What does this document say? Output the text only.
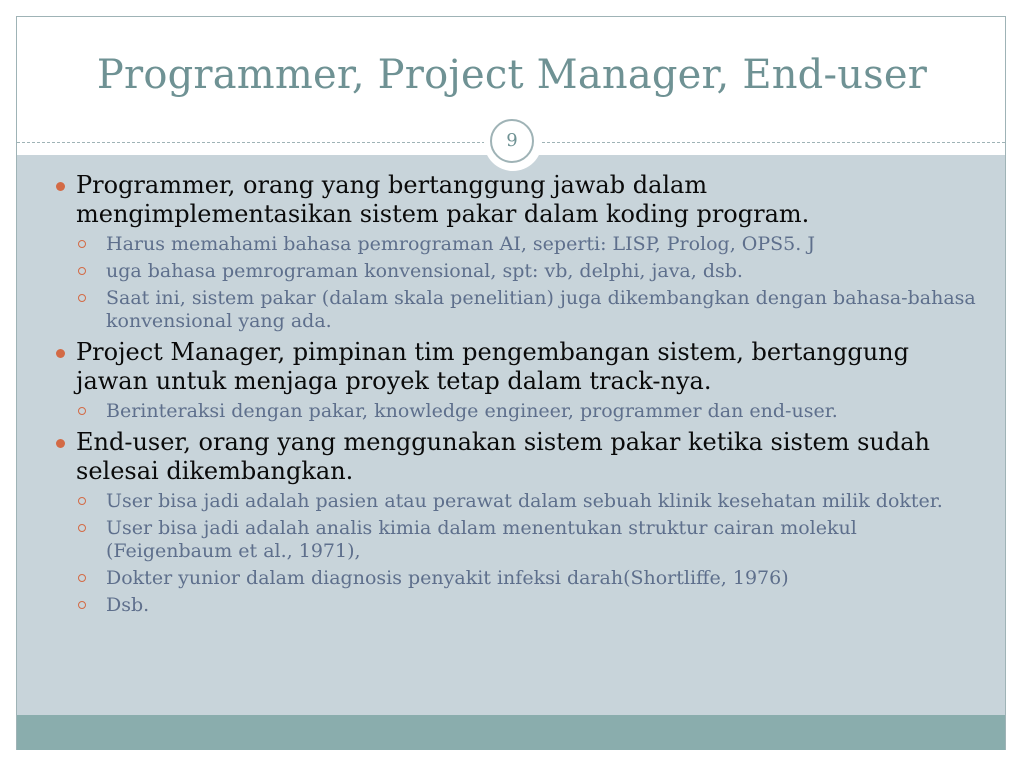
Programmer, Project Manager, End-user
9
Programmer, orang yang bertanggung jawab dalam mengimplementasikan sistem pakar dalam koding program.
Harus memahami bahasa pemrograman AI, seperti: LISP, Prolog, OPS5. J
uga bahasa pemrograman konvensional, spt: vb, delphi, java, dsb.
Saat ini, sistem pakar (dalam skala penelitian) juga dikembangkan dengan bahasa-bahasa konvensional yang ada.
Project Manager, pimpinan tim pengembangan sistem, bertanggung jawan untuk menjaga proyek tetap dalam track-nya.
Berinteraksi dengan pakar, knowledge engineer, programmer dan end-user.
End-user, orang yang menggunakan sistem pakar ketika sistem sudah selesai dikembangkan.
User bisa jadi adalah pasien atau perawat dalam sebuah klinik kesehatan milik dokter.
User bisa jadi adalah analis kimia dalam menentukan struktur cairan molekul (Feigenbaum et al., 1971),
Dokter yunior dalam diagnosis penyakit infeksi darah(Shortliffe, 1976)
Dsb.
